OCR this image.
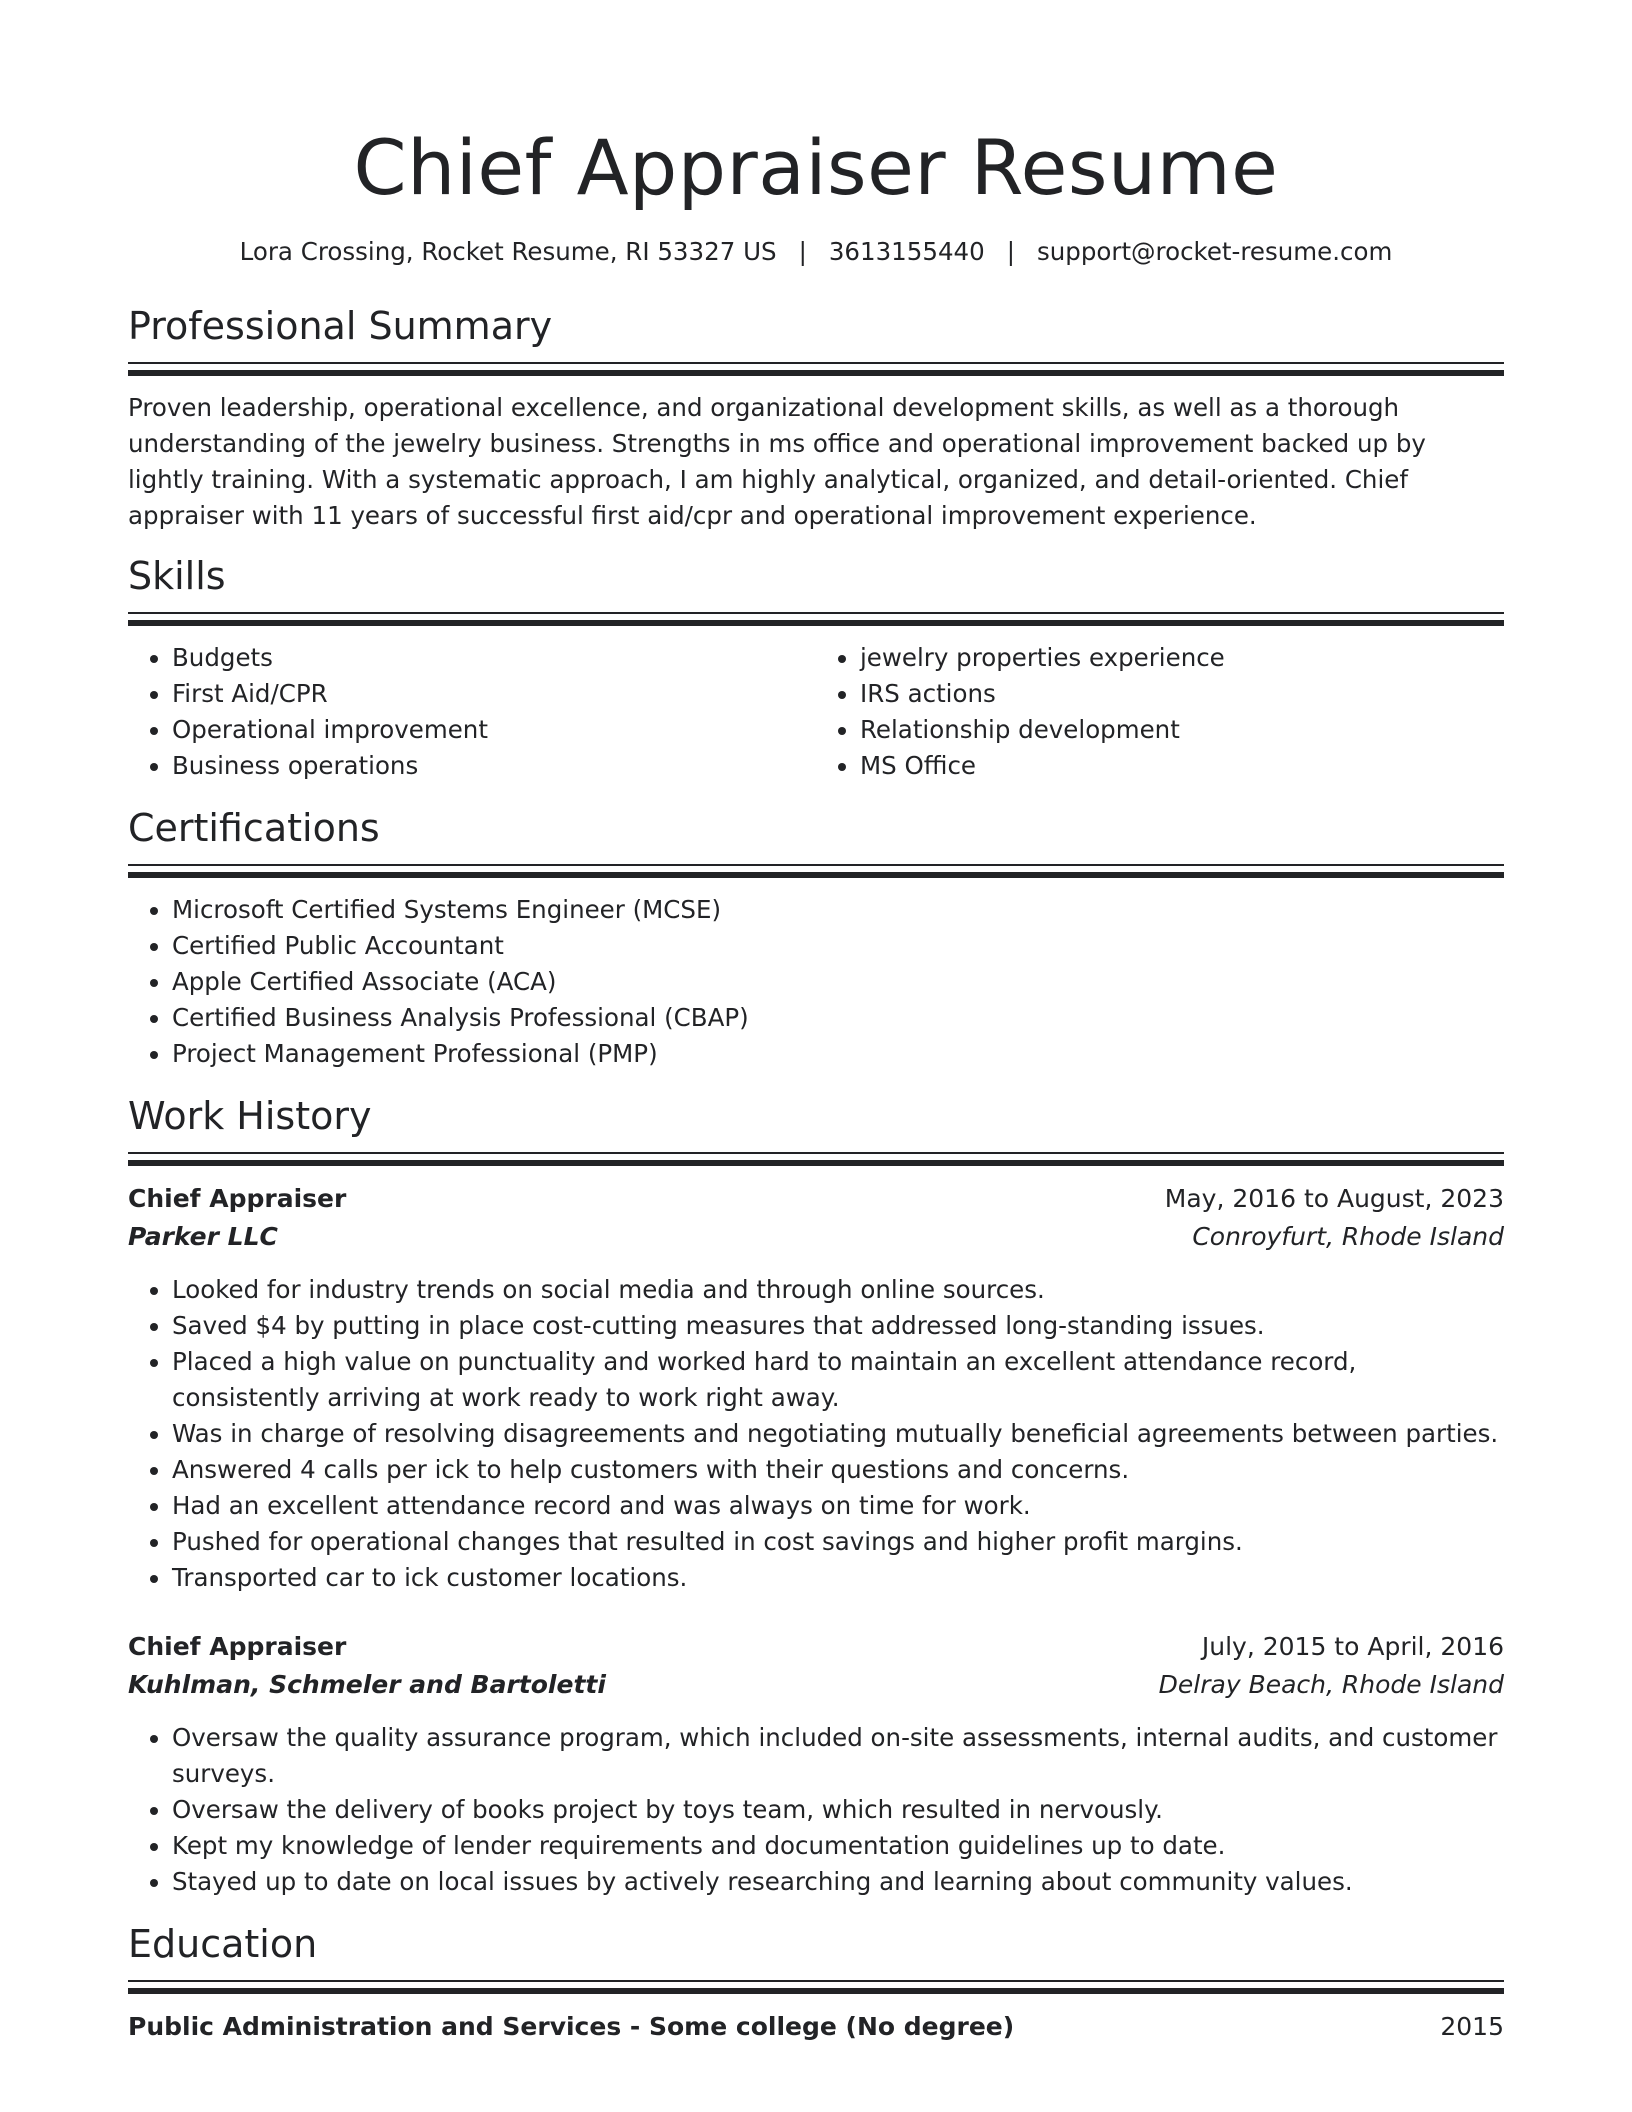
Chief Appraiser Resume
Lora Crossing, Rocket Resume, RI 53327 US | 3613155440 | support@rocket-resume.com
Professional Summary

Proven leadership, operational excellence, and organizational development skills, as well as a thorough understanding of the jewelry business. Strengths in ms office and operational improvement backed up by lightly training. With a systematic approach, I am highly analytical, organized, and detail-oriented. Chief appraiser with 11 years of successful first aid/cpr and operational improvement experience.

Skills
• Budgets
• First Aid/CPR
• Operational improvement
• Business operations
• jewelry properties experience
• IRS actions
• Relationship development
• MS Office
Certifications
• Microsoft Certified Systems Engineer (MCSE)
• Certified Public Accountant
• Apple Certified Associate (ACA)
• Certified Business Analysis Professional (CBAP)
• Project Management Professional (PMP)
Work History
Chief Appraiser	May, 2016 to August, 2023
Parker LLC	Conroyfurt, Rhode Island
• Looked for industry trends on social media and through online sources.
• Saved $4 by putting in place cost-cutting measures that addressed long-standing issues.
• Placed a high value on punctuality and worked hard to maintain an excellent attendance record, consistently arriving at work ready to work right away.
• Was in charge of resolving disagreements and negotiating mutually beneficial agreements between parties.
• Answered 4 calls per ick to help customers with their questions and concerns.
• Had an excellent attendance record and was always on time for work.
• Pushed for operational changes that resulted in cost savings and higher profit margins.
• Transported car to ick customer locations.
Chief Appraiser	July, 2015 to April, 2016
Kuhlman, Schmeler and Bartoletti	Delray Beach, Rhode Island
• Oversaw the quality assurance program, which included on-site assessments, internal audits, and customer surveys.
• Oversaw the delivery of books project by toys team, which resulted in nervously.
• Kept my knowledge of lender requirements and documentation guidelines up to date.
• Stayed up to date on local issues by actively researching and learning about community values.
Education
Public Administration and Services - Some college (No degree)	2015
